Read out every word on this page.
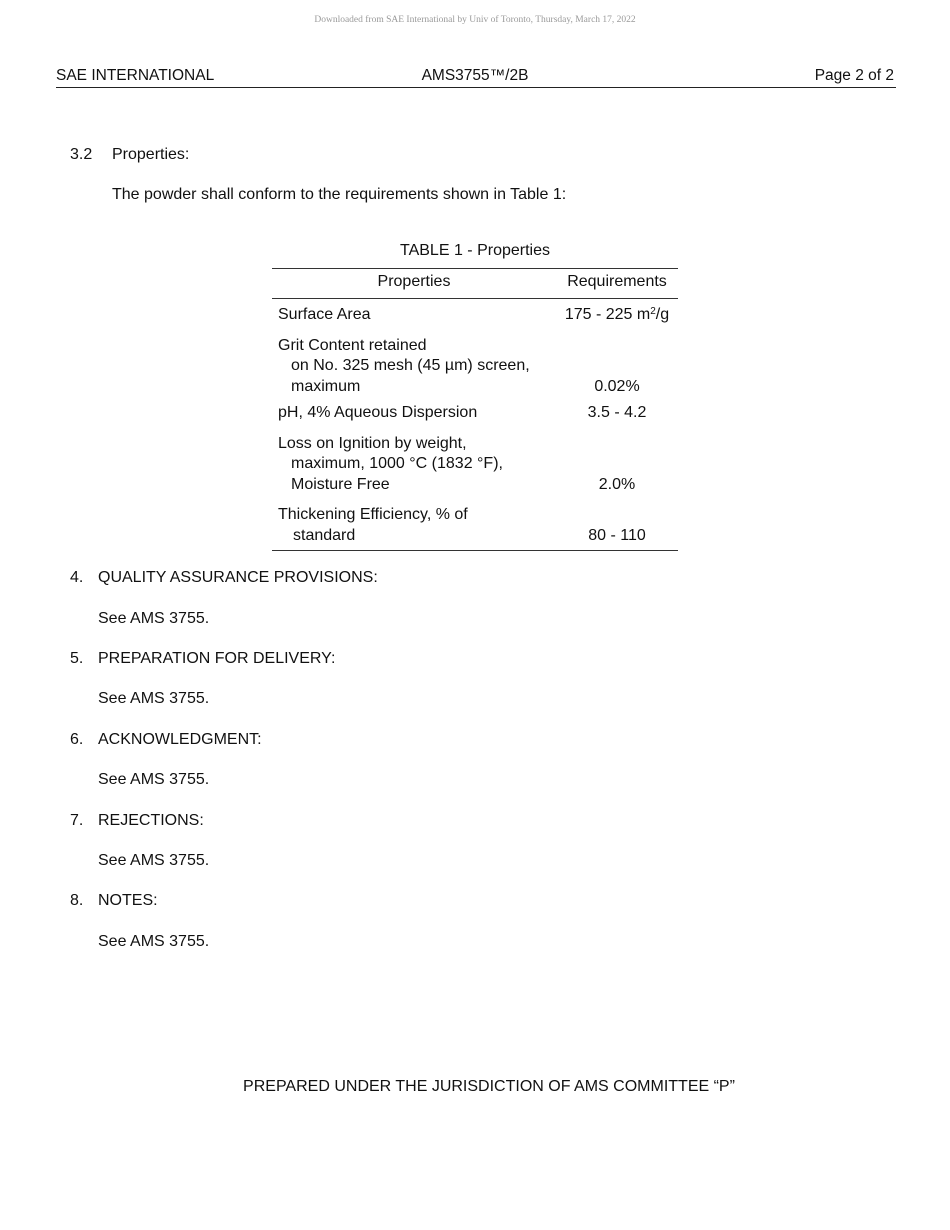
Downloaded from SAE International by Univ of Toronto, Thursday, March 17, 2022
SAE INTERNATIONAL	AMS3755™/2B	Page 2 of 2
3.2 Properties:
The powder shall conform to the requirements shown in Table 1:
TABLE 1 - Properties
Properties	Requirements
Surface Area	175 - 225 $m^2/g$

Grit Content retained
on No. 325 mesh (45 µm) screen,
maximum	0.02%
pH, 4% Aqueous Dispersion	3.5 - 4.2

Loss on Ignition by weight,
maximum, 1000 °C (1832 °F),
Moisture Free	2.0%

Thickening Efficiency, % of
standard	80 - 110
4. QUALITY ASSURANCE PROVISIONS:
See AMS 3755.
5. PREPARATION FOR DELIVERY:
See AMS 3755.
6. ACKNOWLEDGMENT:
See AMS 3755.
7. REJECTIONS:
See AMS 3755.
8. NOTES:
See AMS 3755.
PREPARED UNDER THE JURISDICTION OF AMS COMMITTEE “P”
